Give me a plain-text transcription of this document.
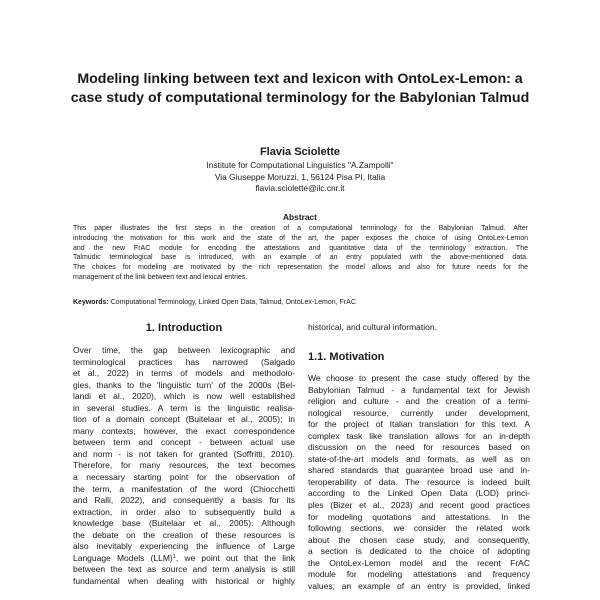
Modeling linking between text and lexicon with OntoLex-Lemon: a
case study of computational terminology for the Babylonian Talmud
Flavia Sciolette
Institute for Computational Linguistics "A.Zampolli"
Via Giuseppe Moruzzi, 1, 56124 Pisa PI, Italia
flavia.sciolette@ilc.cnr.it
Abstract
This paper illustrates the first steps in the creation of a computational terminology for the Babylonian Talmud. After
introducing the motivation for this work and the state of the art, the paper exposes the choice of using OntoLex-Lemon
and the new FrAC module for encoding the attestations and quantitative data of the terminology extraction. The
Talmudic terminological base is introduced, with an example of an entry populated with the above-mentioned data.
The choices for modeling are motivated by the rich representation the model allows and also for future needs for the
management of the link between text and lexical entries.
Keywords: Computational Terminology, Linked Open Data, Talmud, OntoLex-Lemon, FrAC
1. Introduction
Over time, the gap between lexicographic and
terminological practices has narrowed (Salgado
et al., 2022) in terms of models and methodolo-
gies, thanks to the 'linguistic turn' of the 2000s (Bel-
landi et al., 2020), which is now well established
in several studies. A term is the linguistic realisa-
tion of a domain concept (Buitelaar et al., 2005); in
many contexts, however, the exact correspondence
between term and concept - between actual use
and norm - is not taken for granted (Soffritti, 2010).
Therefore, for many resources, the text becomes
a necessary starting point for the observation of
the term, a manifestation of the word (Chiocchetti
and Ralli, 2022), and consequently a basis for its
extraction, in order also to subsequently build a
knowledge base (Buitelaar et al., 2005). Although
the debate on the creation of these resources is
also inevitably experiencing the influence of Large
Language Models (LLM)$^1$, we point out that the link
between the text as source and term analysis is still
fundamental when dealing with historical or highly
historical, and cultural information.
1.1. Motivation
We choose to present the case study offered by the
Babylonian Talmud - a fundamental text for Jewish
religion and culture - and the creation of a termi-
nological resource, currently under development,
for the project of Italian translation for this text. A
complex task like translation allows for an in-depth
discussion on the need for resources based on
state-of-the-art models and formats, as well as on
shared standards that guarantee broad use and in-
teroperability of data. The resource is indeed built
according to the Linked Open Data (LOD) princi-
ples (Bizer et al., 2023) and recent good practices
for modeling quotations and attestations. In the
following sections, we consider the related work
about the chosen case study, and consequently,
a section is dedicated to the choice of adopting
the OntoLex-Lemon model and the recent FrAC
module for modeling attestations and frequency
values; an example of an entry is provided, linked
